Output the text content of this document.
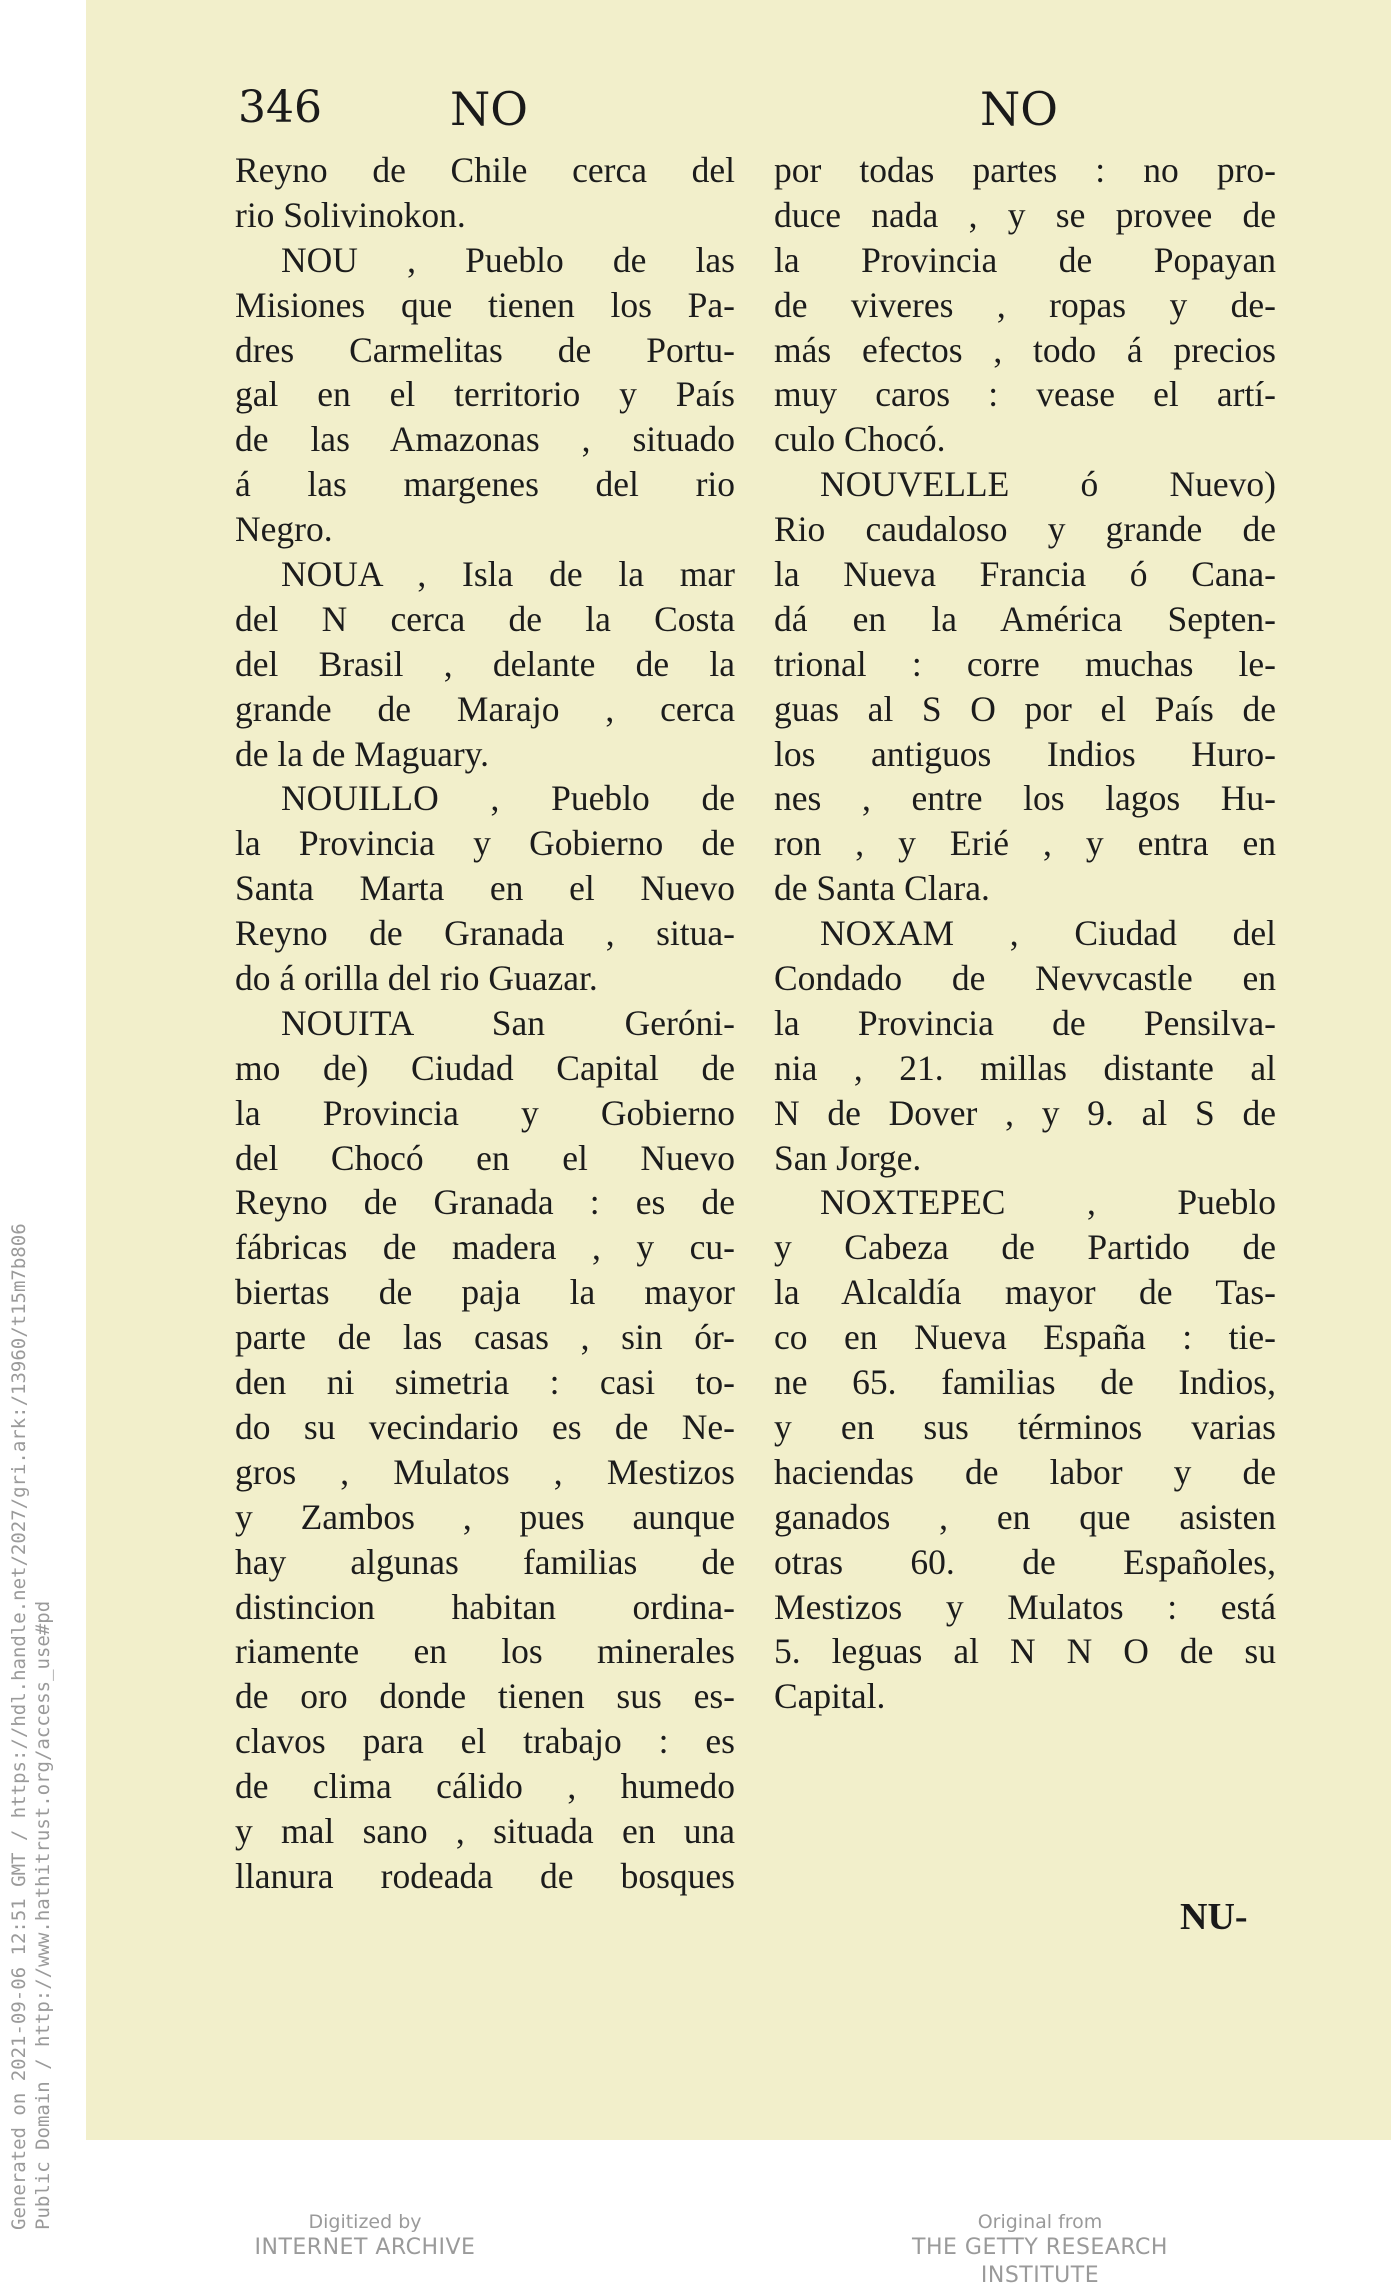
Generated on 2021-09-06 12:51 GMT / https://hdl.handle.net/2027/gri.ark:/13960/t15m7b806 Public Domain / http://www.hathitrust.org/access_use#pd
346	NO	NO
Reyno de Chile cerca del
rio Solivinokon.
NOU , Pueblo de las
Misiones que tienen los Pa-
dres Carmelitas de Portu-
gal en el territorio y País
de las Amazonas , situado
á las margenes del rio
Negro.
NOUA , Isla de la mar
del N cerca de la Costa
del Brasil , delante de la
grande de Marajo , cerca
de la de Maguary.
NOUILLO , Pueblo de
la Provincia y Gobierno de
Santa Marta en el Nuevo
Reyno de Granada , situa-
do á orilla del rio Guazar.
NOUITA San Geróni-
mo de) Ciudad Capital de
la Provincia y Gobierno
del Chocó en el Nuevo
Reyno de Granada : es de
fábricas de madera , y cu-
biertas de paja la mayor
parte de las casas , sin ór-
den ni simetria : casi to-
do su vecindario es de Ne-
gros , Mulatos , Mestizos
y Zambos , pues aunque
hay algunas familias de
distincion habitan ordina-
riamente en los minerales
de oro donde tienen sus es-
clavos para el trabajo : es
de clima cálido , humedo
y mal sano , situada en una
llanura rodeada de bosques
por todas partes : no pro-
duce nada , y se provee de
la Provincia de Popayan
de viveres , ropas y de-
más efectos , todo á precios
muy caros : vease el artí-
culo Chocó.
NOUVELLE ó Nuevo)
Rio caudaloso y grande de
la Nueva Francia ó Cana-
dá en la América Septen-
trional : corre muchas le-
guas al S O por el País de
los antiguos Indios Huro-
nes , entre los lagos Hu-
ron , y Erié , y entra en
de Santa Clara.
NOXAM , Ciudad del
Condado de Nevvcastle en
la Provincia de Pensilva-
nia , 21. millas distante al
N de Dover , y 9. al S de
San Jorge.
NOXTEPEC , Pueblo
y Cabeza de Partido de
la Alcaldía mayor de Tas-
co en Nueva España : tie-
ne 65. familias de Indios,
y en sus términos varias
haciendas de labor y de
ganados , en que asisten
otras 60. de Españoles,
Mestizos y Mulatos : está
5. leguas al N N O de su
Capital.
NU-
Digitized by
INTERNET ARCHIVE
Original from
THE GETTY RESEARCH INSTITUTE
